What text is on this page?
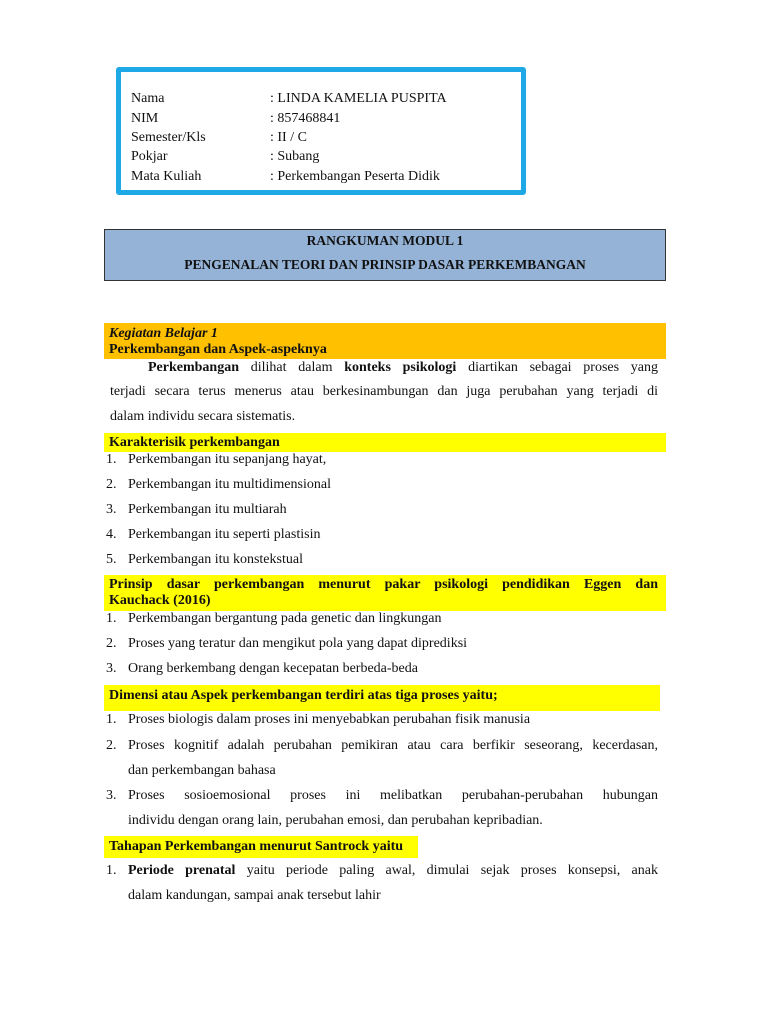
Nama	: LINDA KAMELIA PUSPITA
NIM	: 857468841
Semester/Kls	: II / C
Pokjar	: Subang
Mata Kuliah	: Perkembangan Peserta Didik
RANGKUMAN MODUL 1
PENGENALAN TEORI DAN PRINSIP DASAR PERKEMBANGAN
Kegiatan Belajar 1
Perkembangan dan Aspek-aspeknya
Perkembangan dilihat dalam konteks psikologi diartikan sebagai proses yang
terjadi secara terus menerus atau berkesinambungan dan juga perubahan yang terjadi di
dalam individu secara sistematis.
Karakterisik perkembangan
1. Perkembangan itu sepanjang hayat,
2. Perkembangan itu multidimensional
3. Perkembangan itu multiarah
4. Perkembangan itu seperti plastisin
5. Perkembangan itu konstekstual
Prinsip dasar perkembangan menurut pakar psikologi pendidikan Eggen dan
Kauchack (2016)
1. Perkembangan bergantung pada genetic dan lingkungan
2. Proses yang teratur dan mengikut pola yang dapat diprediksi
3. Orang berkembang dengan kecepatan berbeda-beda
Dimensi atau Aspek perkembangan terdiri atas tiga proses yaitu;
1. Proses biologis dalam proses ini menyebabkan perubahan fisik manusia
2. Proses kognitif adalah perubahan pemikiran atau cara berfikir seseorang, kecerdasan,
dan perkembangan bahasa
3. Proses sosioemosional proses ini melibatkan perubahan-perubahan hubungan
individu dengan orang lain, perubahan emosi, dan perubahan kepribadian.
Tahapan Perkembangan menurut Santrock yaitu
1. Periode prenatal yaitu periode paling awal, dimulai sejak proses konsepsi, anak
dalam kandungan, sampai anak tersebut lahir
